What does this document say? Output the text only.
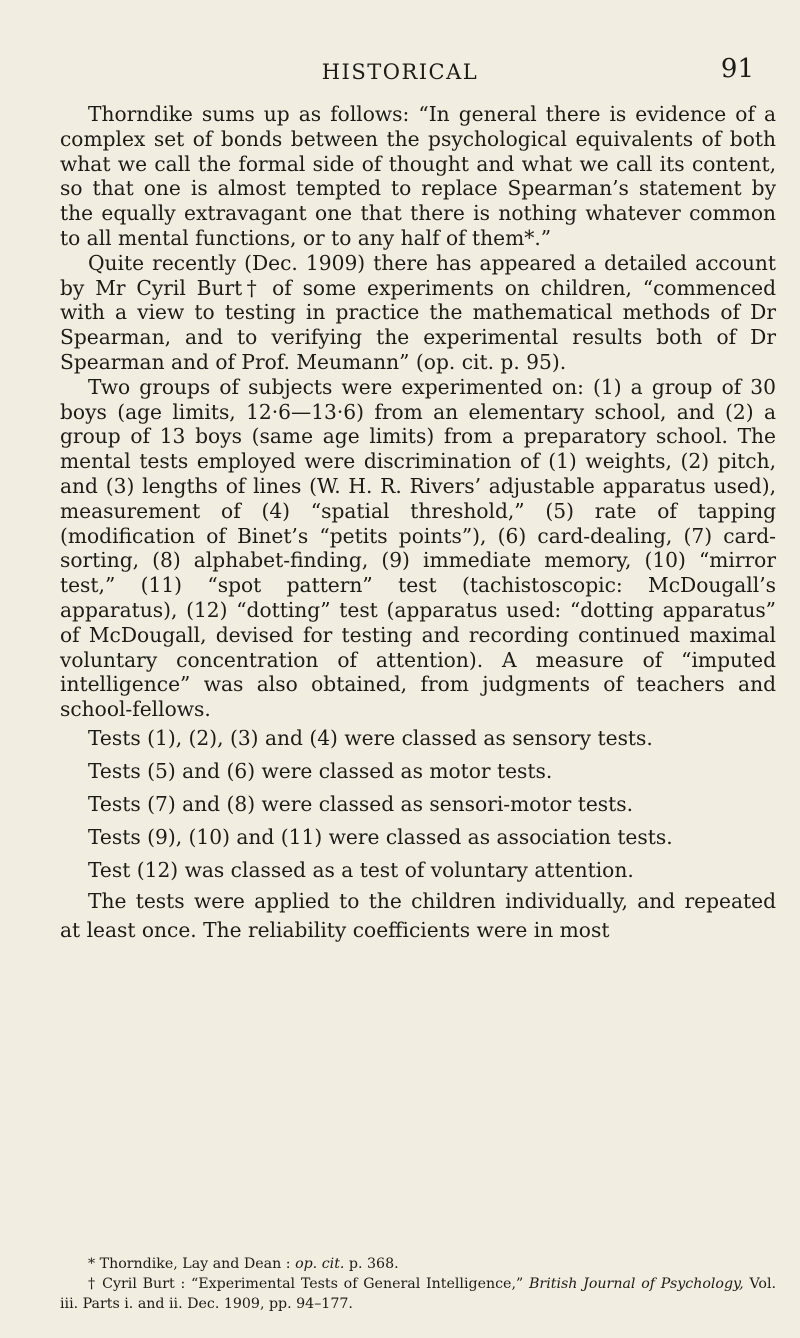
HISTORICAL	91

Thorndike sums up as follows: “In general there is evidence of a complex set of bonds between the psychological equivalents of both what we call the formal side of thought and what we call its content, so that one is almost tempted to replace Spearman’s statement by the equally extravagant one that there is nothing whatever common to all mental functions, or to any half of them*.”

Quite recently (Dec. 1909) there has appeared a detailed account by Mr Cyril Burt† of some experiments on children, “commenced with a view to testing in practice the mathematical methods of Dr Spearman, and to verifying the experimental results both of Dr Spearman and of Prof. Meumann” (op. cit. p. 95).

Two groups of subjects were experimented on: (1) a group of 30 boys (age limits, 12·6—13·6) from an elementary school, and (2) a group of 13 boys (same age limits) from a preparatory school. The mental tests employed were discrimination of (1) weights, (2) pitch, and (3) lengths of lines (W. H. R. Rivers’ adjustable apparatus used), measurement of (4) “spatial threshold,” (5) rate of tapping (modification of Binet’s “petits points”), (6) card-dealing, (7) card-sorting, (8) alphabet-finding, (9) immediate memory, (10) “mirror test,” (11) “spot pattern” test (tachistoscopic: McDougall’s apparatus), (12) “dotting” test (apparatus used: “dotting apparatus” of McDougall, devised for testing and recording continued maximal voluntary concentration of attention). A measure of “imputed intelligence” was also obtained, from judgments of teachers and school-fellows.

Tests (1), (2), (3) and (4) were classed as sensory tests.

Tests (5) and (6) were classed as motor tests.

Tests (7) and (8) were classed as sensori-motor tests.

Tests (9), (10) and (11) were classed as association tests.

Test (12) was classed as a test of voluntary attention.

The tests were applied to the children individually, and repeated at least once. The reliability coefficients were in most

* Thorndike, Lay and Dean : op. cit. p. 368.

† Cyril Burt : “Experimental Tests of General Intelligence,” British Journal of Psychology, Vol. iii. Parts i. and ii. Dec. 1909, pp. 94–177.
